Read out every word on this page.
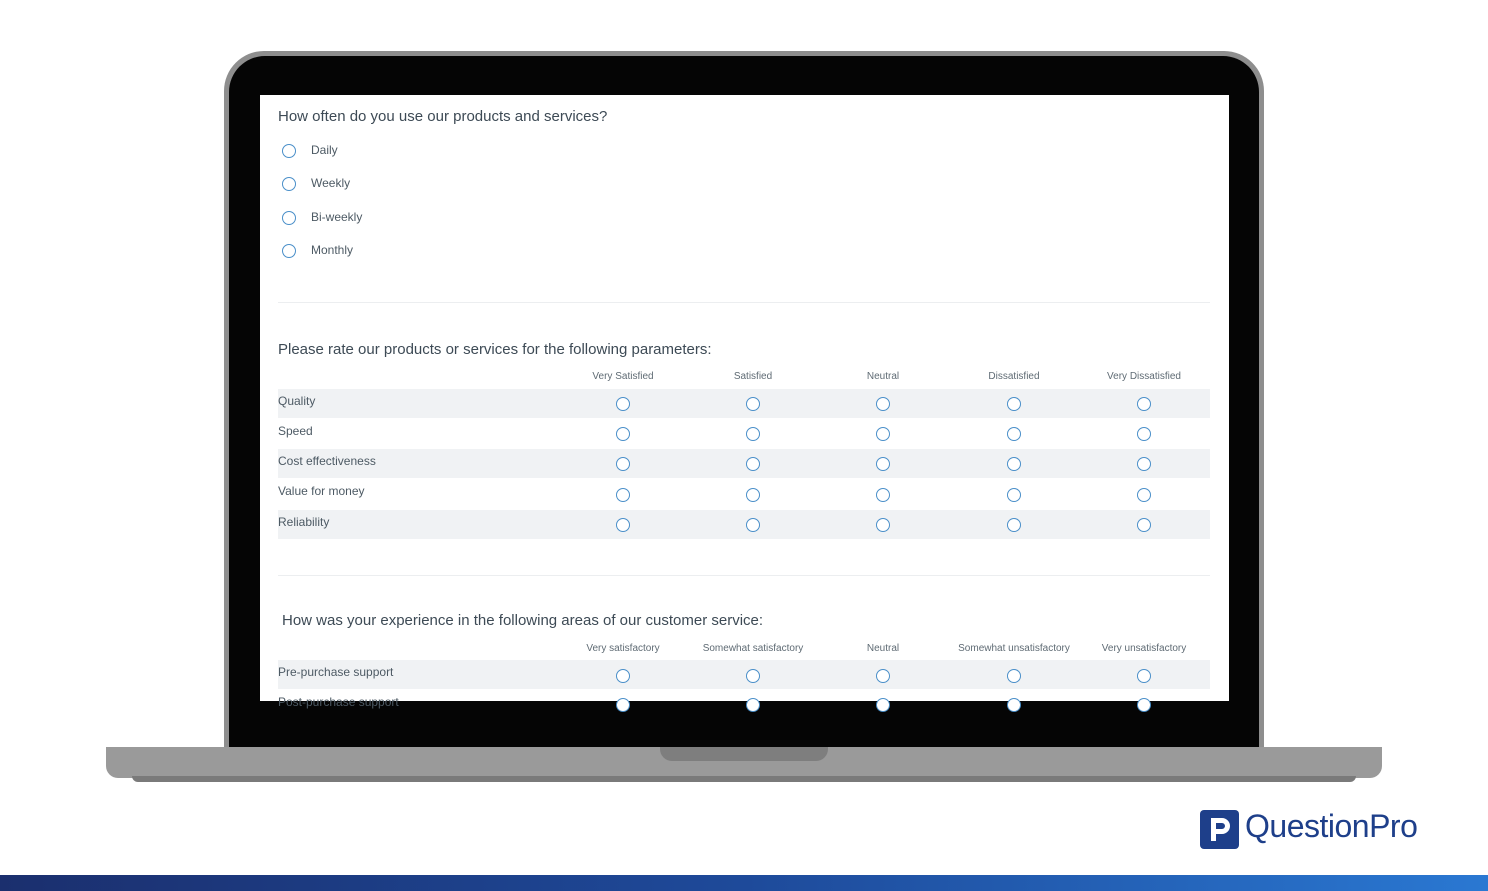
How often do you use our products and services?
Daily
Weekly
Bi-weekly
Monthly
Please rate our products or services for the following parameters:
Very Satisfied	Satisfied	Neutral	Dissatisfied	Very Dissatisfied
Quality
Speed
Cost effectiveness
Value for money
Reliability
How was your experience in the following areas of our customer service:
Very satisfactory	Somewhat satisfactory	Neutral	Somewhat unsatisfactory	Very unsatisfactory
Pre-purchase support
Post-purchase support
QuestionPro
